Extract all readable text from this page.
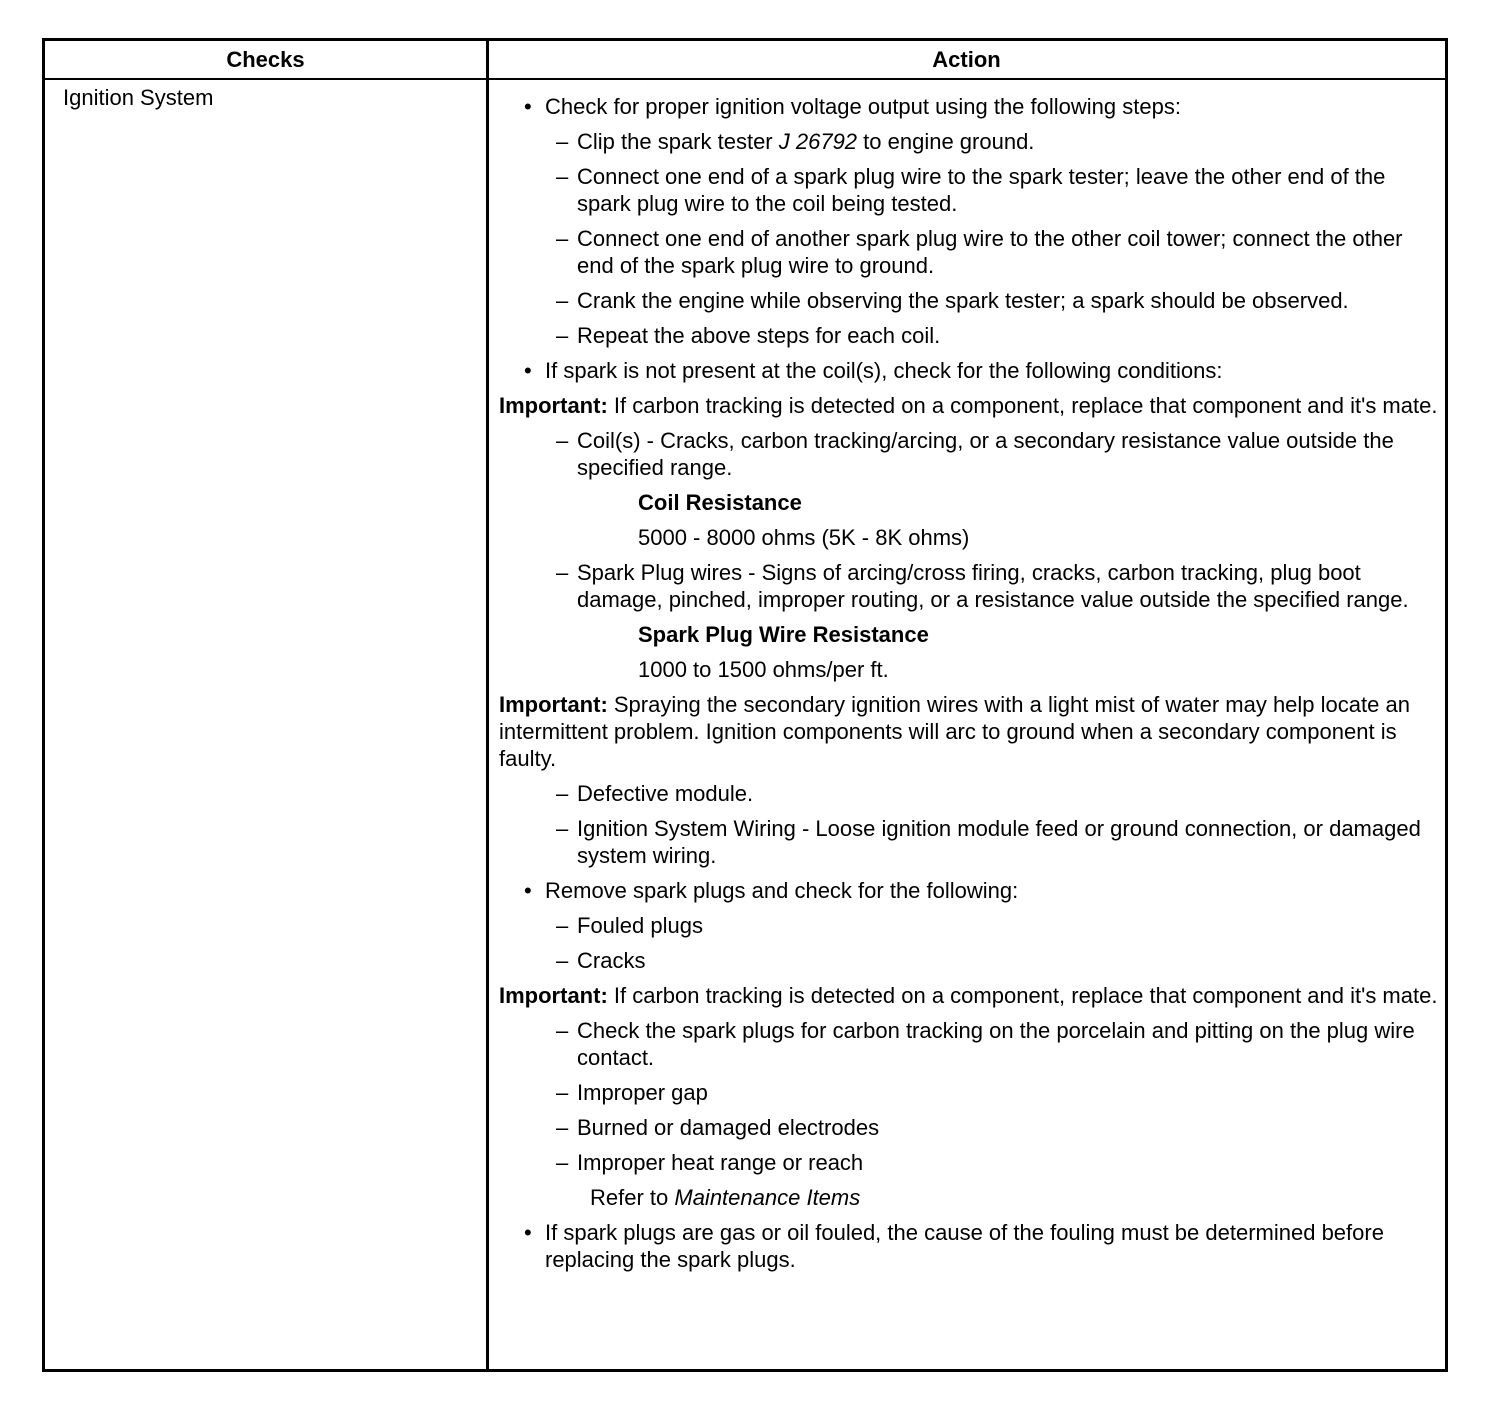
Checks	Action
Ignition System
•	Check for proper ignition voltage output using the following steps:
– Clip the spark tester J 26792 to engine ground.
– Connect one end of a spark plug wire to the spark tester; leave the other end of the spark plug wire to the coil being tested.
– Connect one end of another spark plug wire to the other coil tower; connect the other end of the spark plug wire to ground.
– Crank the engine while observing the spark tester; a spark should be observed.
– Repeat the above steps for each coil.
• If spark is not present at the coil(s), check for the following conditions:
Important: If carbon tracking is detected on a component, replace that component and it's mate.
– Coil(s) - Cracks, carbon tracking/arcing, or a secondary resistance value outside the specified range.
Coil Resistance
5000 - 8000 ohms (5K - 8K ohms)
– Spark Plug wires - Signs of arcing/cross firing, cracks, carbon tracking, plug boot damage, pinched, improper routing, or a resistance value outside the specified range.
Spark Plug Wire Resistance
1000 to 1500 ohms/per ft.
Important: Spraying the secondary ignition wires with a light mist of water may help locate an intermittent problem. Ignition components will arc to ground when a secondary component is faulty.
– Defective module.
– Ignition System Wiring - Loose ignition module feed or ground connection, or damaged system wiring.
• Remove spark plugs and check for the following:
– Fouled plugs
– Cracks
Important: If carbon tracking is detected on a component, replace that component and it's mate.
– Check the spark plugs for carbon tracking on the porcelain and pitting on the plug wire contact.
– Improper gap
– Burned or damaged electrodes
– Improper heat range or reach
Refer to Maintenance Items
• If spark plugs are gas or oil fouled, the cause of the fouling must be determined before replacing the spark plugs.
